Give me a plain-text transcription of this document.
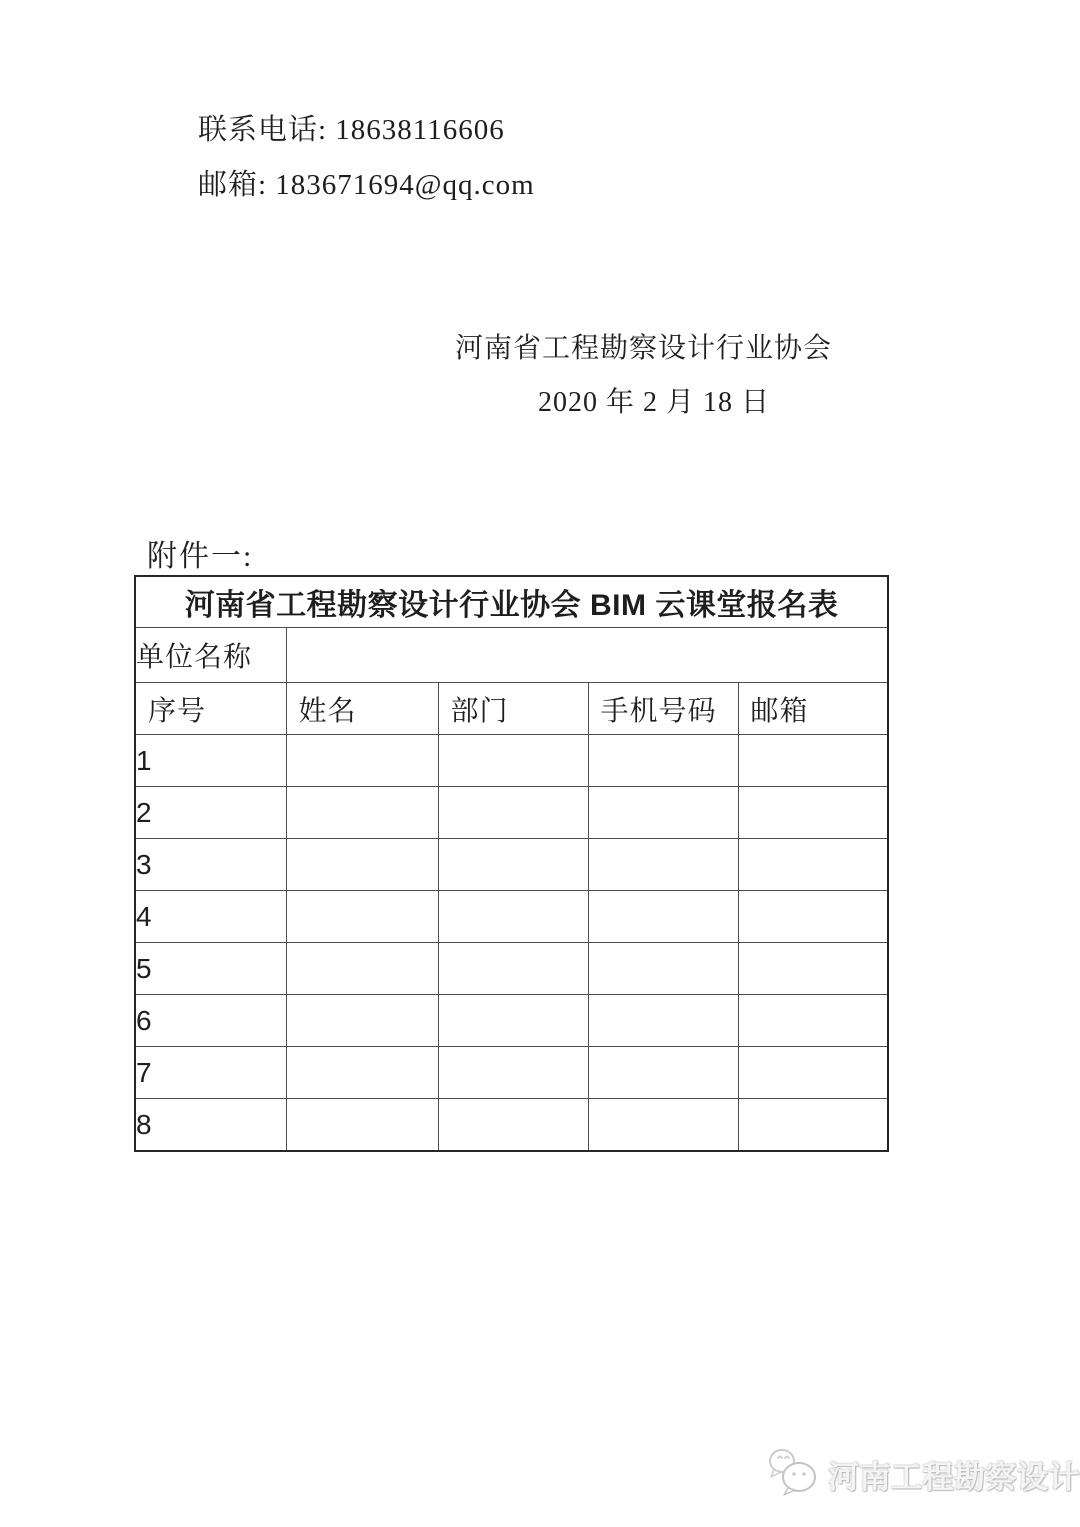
联系电话: 18638116606

邮箱: 183671694@qq.com

河南省工程勘察设计行业协会
2020 年 2 月 18 日
附件一:
河南省工程勘察设计行业协会 BIM 云课堂报名表				
单位名称				
序号	姓名	部门	手机号码	邮箱
1				
2				
3				
4				
5				
6				
7				
8				
河南工程勘察设计
